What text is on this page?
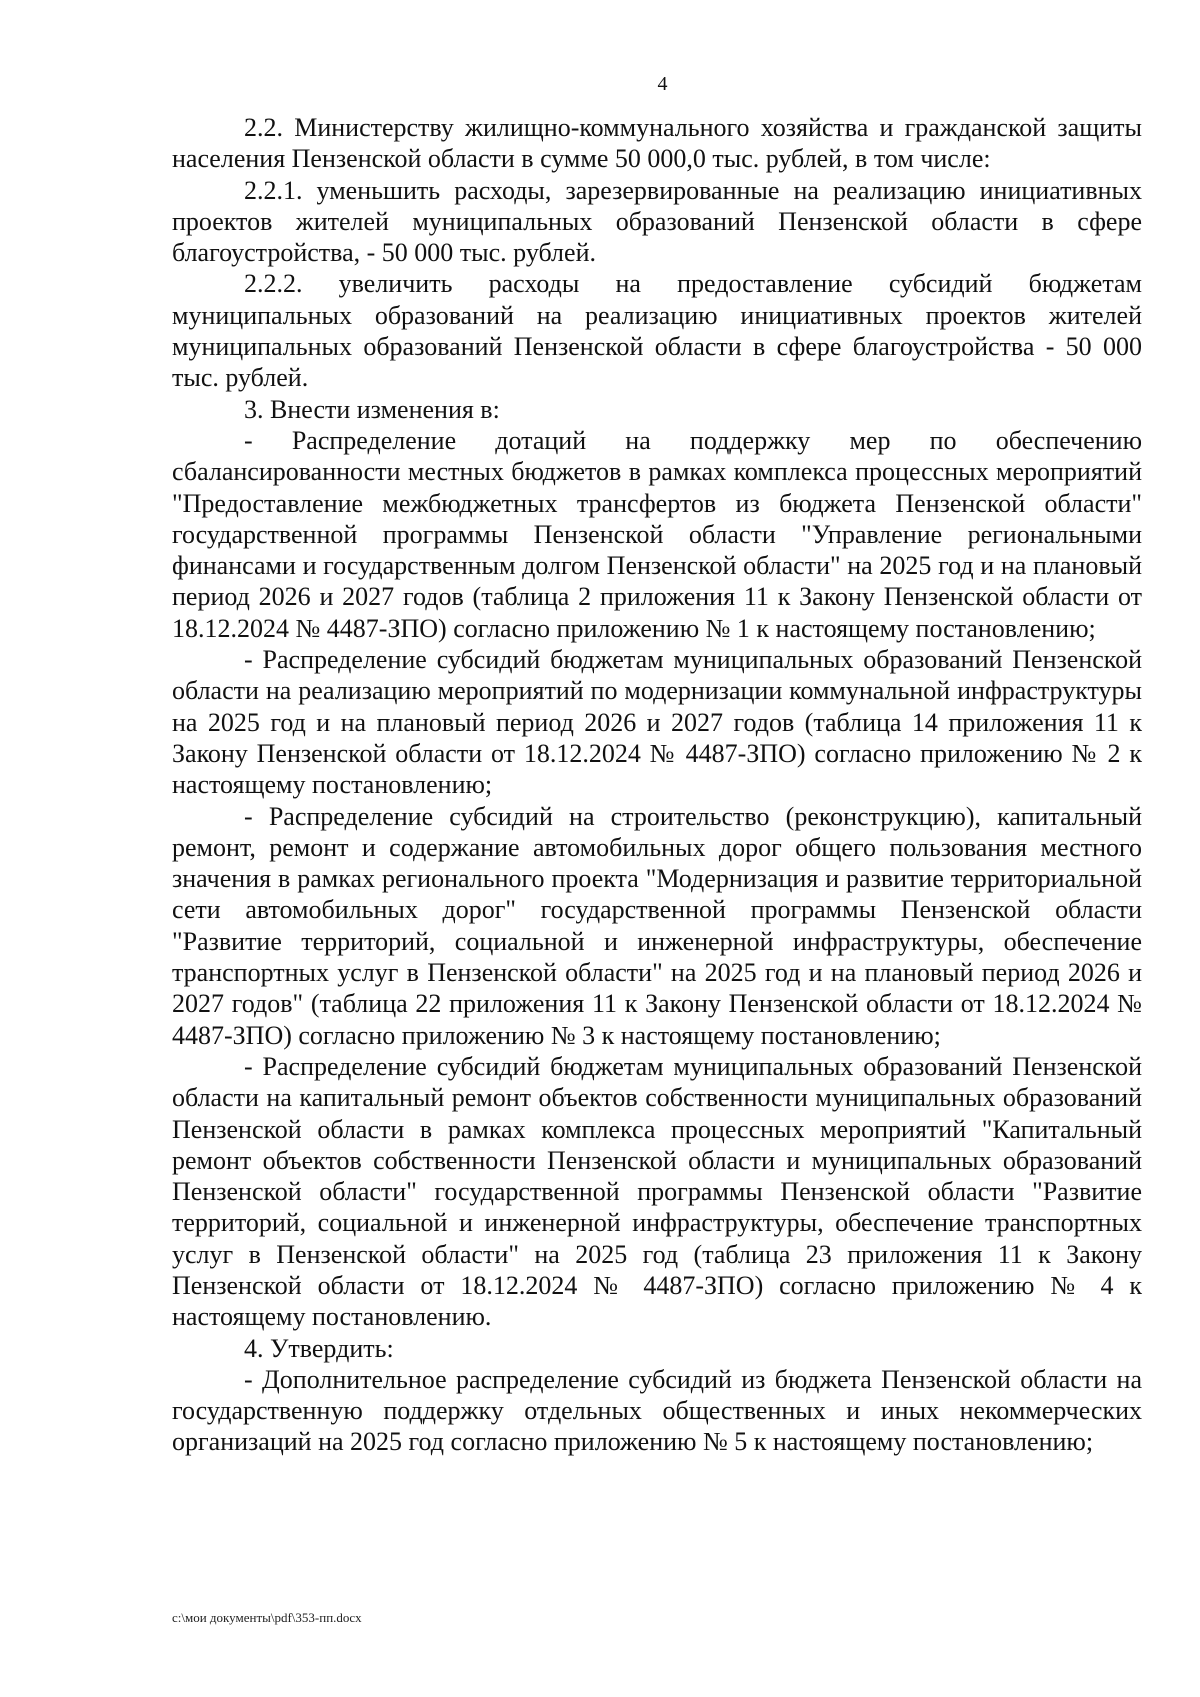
4

2.2. Министерству жилищно-коммунального хозяйства и гражданской защиты населения Пензенской области в сумме 50 000,0 тыс. рублей, в том числе:

2.2.1. уменьшить расходы, зарезервированные на реализацию инициативных проектов жителей муниципальных образований Пензенской области в сфере благоустройства, - 50 000 тыс. рублей.

2.2.2. увеличить расходы на предоставление субсидий бюджетам муниципальных образований на реализацию инициативных проектов жителей муниципальных образований Пензенской области в сфере благоустройства - 50 000 тыс. рублей.

3. Внести изменения в:

- Распределение дотаций на поддержку мер по обеспечению сбалансированности местных бюджетов в рамках комплекса процессных мероприятий "Предоставление межбюджетных трансфертов из бюджета Пензенской области" государственной программы Пензенской области "Управление региональными финансами и государственным долгом Пензенской области" на 2025 год и на плановый период 2026 и 2027 годов (таблица 2 приложения 11 к Закону Пензенской области от 18.12.2024 № 4487-ЗПО) согласно приложению № 1 к настоящему постановлению;

- Распределение субсидий бюджетам муниципальных образований Пензенской области на реализацию мероприятий по модернизации коммунальной инфраструктуры на 2025 год и на плановый период 2026 и 2027 годов (таблица 14 приложения 11 к Закону Пензенской области от 18.12.2024 № 4487-ЗПО) согласно приложению № 2 к настоящему постановлению;

- Распределение субсидий на строительство (реконструкцию), капитальный ремонт, ремонт и содержание автомобильных дорог общего пользования местного значения в рамках регионального проекта "Модернизация и развитие территориальной сети автомобильных дорог" государственной программы Пензенской области "Развитие территорий, социальной и инженерной инфраструктуры, обеспечение транспортных услуг в Пензенской области" на 2025 год и на плановый период 2026 и 2027 годов" (таблица 22 приложения 11 к Закону Пензенской области от 18.12.2024 № 4487-ЗПО) согласно приложению № 3 к настоящему постановлению;

- Распределение субсидий бюджетам муниципальных образований Пензенской области на капитальный ремонт объектов собственности муниципальных образований Пензенской области в рамках комплекса процессных мероприятий "Капитальный ремонт объектов собственности Пензенской области и муниципальных образований Пензенской области" государственной программы Пензенской области "Развитие территорий, социальной и инженерной инфраструктуры, обеспечение транспортных услуг в Пензенской области" на 2025 год (таблица 23 приложения 11 к Закону Пензенской области от 18.12.2024 № 4487-ЗПО) согласно приложению № 4 к настоящему постановлению.

4. Утвердить:

- Дополнительное распределение субсидий из бюджета Пензенской области на государственную поддержку отдельных общественных и иных некоммерческих организаций на 2025 год согласно приложению № 5 к настоящему постановлению;

c:\мои документы\pdf\353-пп.docx
